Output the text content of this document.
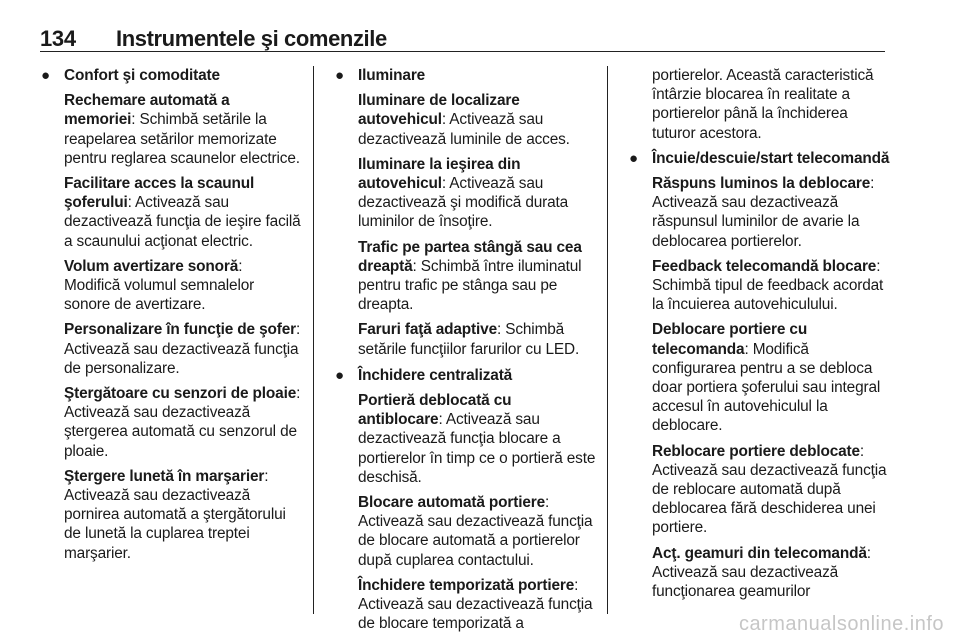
134 Instrumentele şi comenzile
● Confort şi comoditate
Rechemare automată a memoriei: Schimbă setările la reapelarea setărilor memorizate pentru reglarea scaunelor electrice.
Facilitare acces la scaunul şoferului: Activează sau dezactivează funcţia de ieşire facilă a scaunului acţionat electric.
Volum avertizare sonoră: Modifică volumul semnalelor sonore de avertizare.
Personalizare în funcţie de şofer: Activează sau dezactivează funcţia de personalizare.
Ştergătoare cu senzori de ploaie: Activează sau dezactivează ştergerea automată cu senzorul de ploaie.
Ştergere lunetă în marşarier: Activează sau dezactivează pornirea automată a ştergătorului de lunetă la cuplarea treptei marşarier.
● Iluminare
Iluminare de localizare autovehicul: Activează sau dezactivează luminile de acces.
Iluminare la ieşirea din autovehicul: Activează sau dezactivează şi modifică durata luminilor de însoţire.
Trafic pe partea stângă sau cea dreaptă: Schimbă între iluminatul pentru trafic pe stânga sau pe dreapta.
Faruri faţă adaptive: Schimbă setările funcţiilor farurilor cu LED.
● Închidere centralizată
Portieră deblocată cu antiblocare: Activează sau dezactivează funcţia blocare a portierelor în timp ce o portieră este deschisă.
Blocare automată portiere: Activează sau dezactivează funcţia de blocare automată a portierelor după cuplarea contactului.
Închidere temporizată portiere: Activează sau dezactivează funcţia de blocare temporizată a
portierelor. Această caracteristică întârzie blocarea în realitate a portierelor până la închiderea tuturor acestora.
● Încuie/descuie/start telecomandă
Răspuns luminos la deblocare: Activează sau dezactivează răspunsul luminilor de avarie la deblocarea portierelor.
Feedback telecomandă blocare: Schimbă tipul de feedback acordat la încuierea autovehiculului.
Deblocare portiere cu telecomanda: Modifică configurarea pentru a se debloca doar portiera şoferului sau integral accesul în autovehiculul la deblocare.
Reblocare portiere deblocate: Activează sau dezactivează funcţia de reblocare automată după deblocarea fără deschiderea unei portiere.
Acţ. geamuri din telecomandă: Activează sau dezactivează funcţionarea geamurilor
carmanualsonline.info
